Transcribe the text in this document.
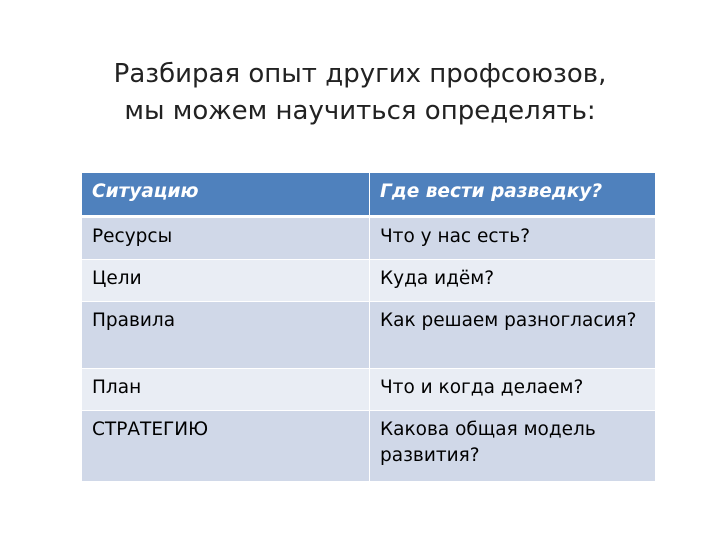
Разбирая опыт других профсоюзов,
мы можем научиться определять:
Ситуацию	Где вести разведку?
Ресурсы	Что у нас есть?
Цели	Куда идём?
Правила	Как решаем разногласия?
План	Что и когда делаем?
СТРАТЕГИЮ	Какова общая модель развития?
